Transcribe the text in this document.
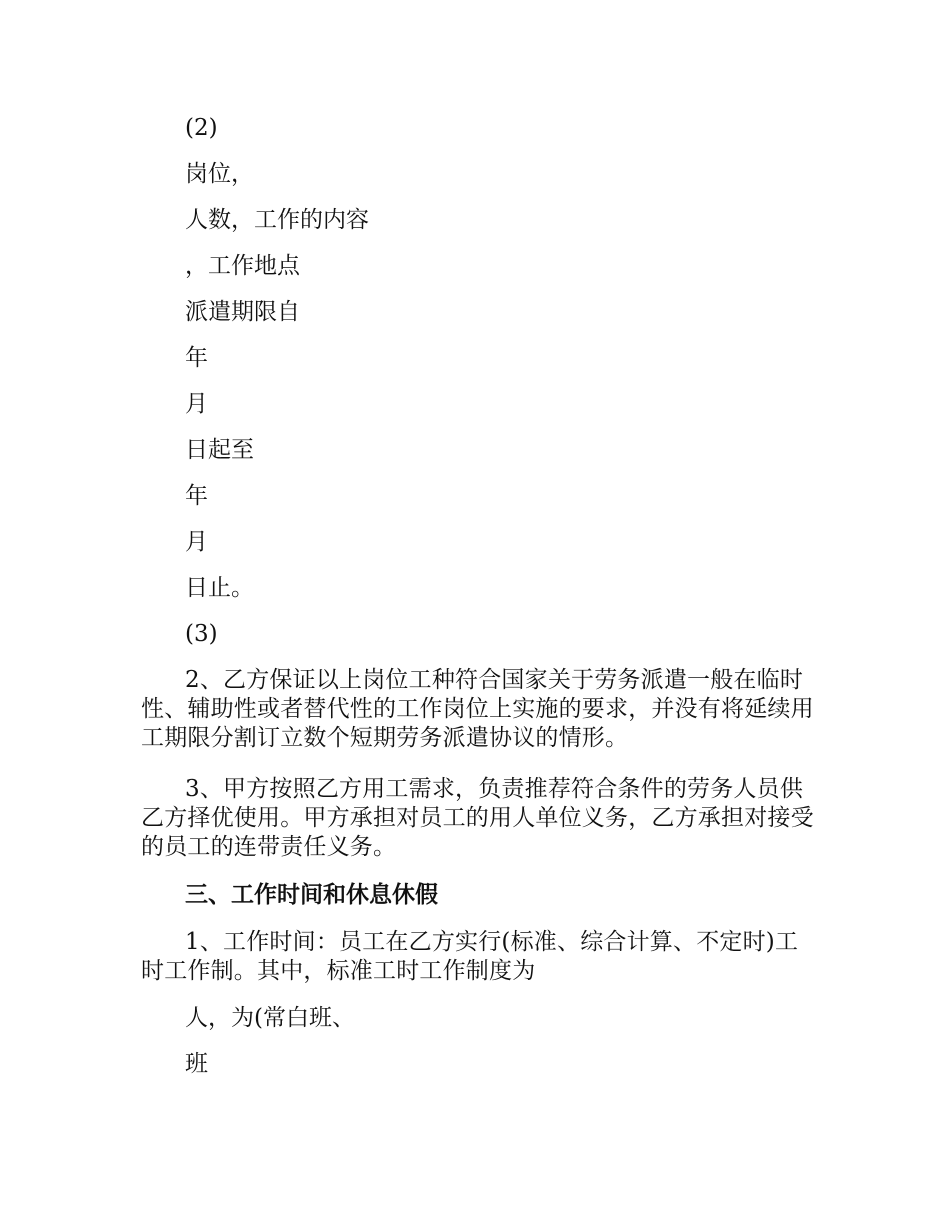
(2)
岗位，
人数，工作的内容
，工作地点
派遣期限自
年
月
日起至
年
月
日止。
(3)
2、乙方保证以上岗位工种符合国家关于劳务派遣一般在临时性、辅助性或者替代性的工作岗位上实施的要求，并没有将延续用工期限分割订立数个短期劳务派遣协议的情形。
3、甲方按照乙方用工需求，负责推荐符合条件的劳务人员供乙方择优使用。甲方承担对员工的用人单位义务，乙方承担对接受的员工的连带责任义务。
三、工作时间和休息休假
1、工作时间：员工在乙方实行(标准、综合计算、不定时)工时工作制。其中，标准工时工作制度为
人，为(常白班、
班
